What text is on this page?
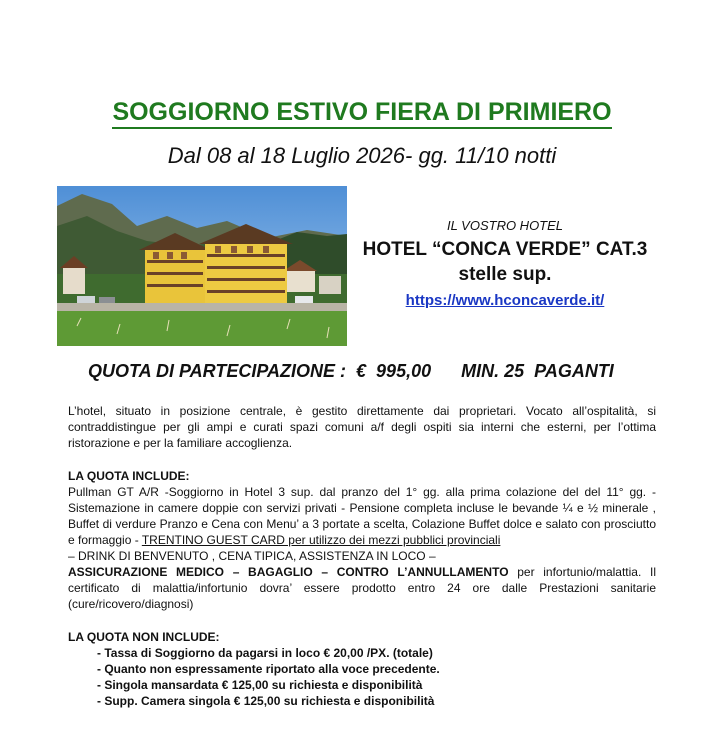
SOGGIORNO ESTIVO FIERA DI PRIMIERO
Dal 08 al 18 Luglio 2026- gg. 11/10 notti
IL VOSTRO HOTEL
HOTEL “CONCA VERDE” CAT.3
stelle sup.
https://www.hconcaverde.it/
QUOTA DI PARTECIPAZIONE : €  995,00 MIN. 25  PAGANTI
L’hotel, situato in posizione centrale, è gestito direttamente dai proprietari. Vocato all’ospitalità, si contraddistingue per gli ampi e curati spazi comuni a/f degli ospiti sia interni che esterni, per l’ottima ristorazione e per la familiare accoglienza.
LA QUOTA INCLUDE:
Pullman GT A/R -Soggiorno in Hotel 3 sup. dal pranzo del 1° gg. alla prima colazione del del 11° gg. - Sistemazione in camere doppie con servizi privati - Pensione completa incluse le bevande ¼ e ½ minerale , Buffet di verdure Pranzo e Cena con Menu’ a 3 portate a scelta, Colazione Buffet dolce e salato con prosciutto e formaggio - TRENTINO GUEST CARD per utilizzo dei mezzi pubblici provinciali
– DRINK DI BENVENUTO , CENA TIPICA, ASSISTENZA IN LOCO –
ASSICURAZIONE MEDICO – BAGAGLIO – CONTRO L’ANNULLAMENTO per infortunio/malattia. Il certificato di malattia/infortunio dovra’ essere prodotto entro 24 ore dalle Prestazioni sanitarie (cure/ricovero/diagnosi)
LA QUOTA NON INCLUDE:
- Tassa di Soggiorno da pagarsi in loco € 20,00 /PX. (totale)
- Quanto non espressamente riportato alla voce precedente.
- Singola mansardata € 125,00 su richiesta e disponibilità
- Supp. Camera singola € 125,00 su richiesta e disponibilità
